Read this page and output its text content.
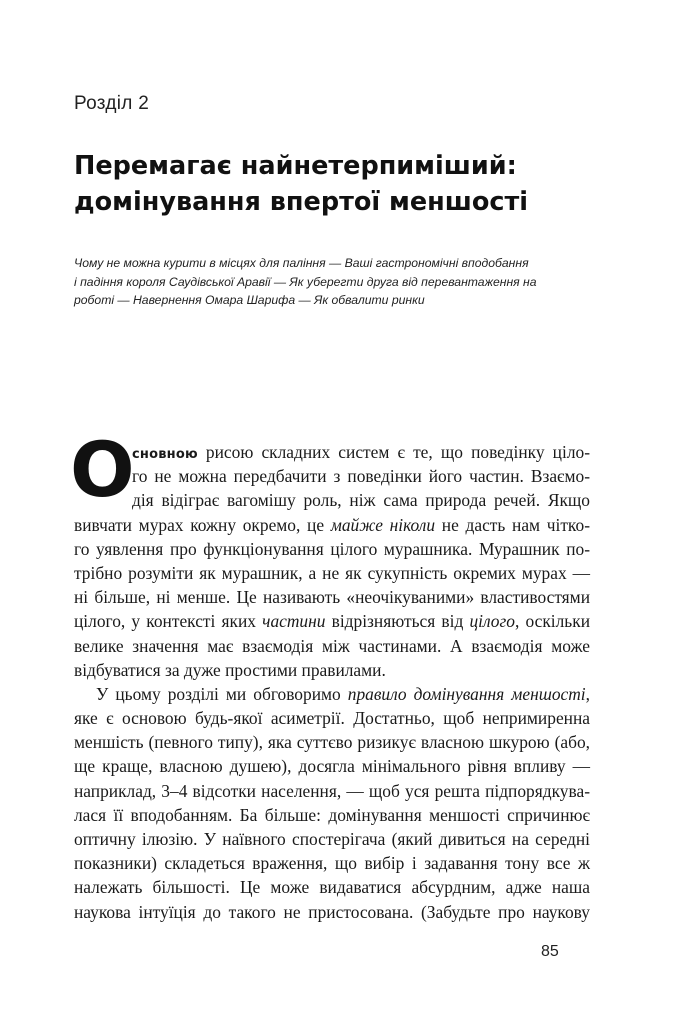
Розділ 2
Перемагає найнетерпиміший:
домінування впертої меншості
Чому не можна курити в місцях для паління — Ваші гастрономічні вподобання
і падіння короля Саудівської Аравії — Як уберегти друга від перевантаження на
роботі — Навернення Омара Шарифа — Як обвалити ринки
О
сновною рисою складних систем є те, що поведінку ціло-
го не можна передбачити з поведінки його частин. Взаємо-
дія відіграє вагомішу роль, ніж сама природа речей. Якщо
вивчати мурах кожну окремо, це майже ніколи не дасть нам чітко-
го уявлення про функціонування цілого мурашника. Мурашник по-
трібно розуміти як мурашник, а не як сукупність окремих мурах —
ні більше, ні менше. Це називають «неочікуваними» властивостями
цілого, у контексті яких частини відрізняються від цілого, оскільки
велике значення має взаємодія між частинами. А взаємодія може
відбуватися за дуже простими правилами.
У цьому розділі ми обговоримо правило домінування меншості,
яке є основою будь-якої асиметрії. Достатньо, щоб непримиренна
меншість (певного типу), яка суттєво ризикує власною шкурою (або,
ще краще, власною душею), досягла мінімального рівня впливу —
наприклад, 3–4 відсотки населення, — щоб уся решта підпорядкува-
лася її вподобанням. Ба більше: домінування меншості спричинює
оптичну ілюзію. У наївного спостерігача (який дивиться на середні
показники) складеться враження, що вибір і задавання тону все ж
належать більшості. Це може видаватися абсурдним, адже наша
наукова інтуїція до такого не пристосована. (Забудьте про наукову
85
